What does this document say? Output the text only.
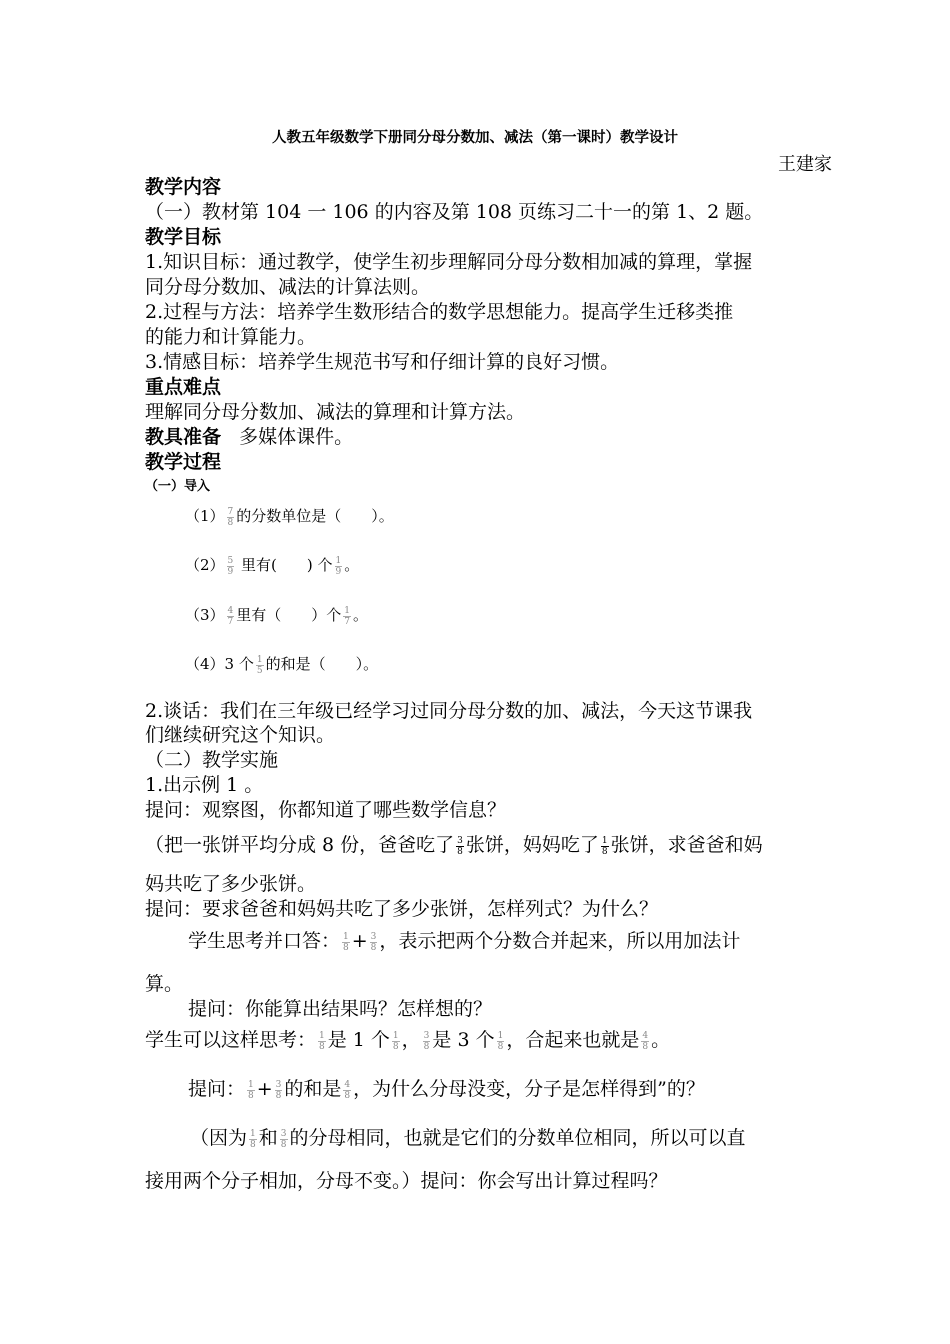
人教五年级数学下册同分母分数加、减法（第一课时）教学设计
王建家
教学内容
（一）教材第 104 一 106 的内容及第 108 页练习二十一的第 1、2 题。
教学目标
1.知识目标：通过教学，使学生初步理解同分母分数相加减的算理，掌握
同分母分数加、减法的计算法则。
2.过程与方法：培养学生数形结合的数学思想能力。提高学生迁移类推
的能力和计算能力。
3.情感目标：培养学生规范书写和仔细计算的良好习惯。
重点难点
理解同分母分数加、减法的算理和计算方法。
教具准备 多媒体课件。
教学过程
（一）导入
$(1) \frac{7}{8}$ 的分数单位是（　　）。
$(2) \frac{5}{9}$ 里有(　　) 个 $\frac{1}{9}$ 。
$(3) \frac{4}{7}$ 里有（　　）个 $\frac{1}{7}$ 。
（4）3 个 $\frac{1}{5}$ 的和是（　　）。
2.谈话：我们在三年级已经学习过同分母分数的加、减法，今天这节课我
们继续研究这个知识。
（二）教学实施
1.出示例 1 。
提问：观察图，你都知道了哪些数学信息？
（把一张饼平均分成 8 份，爸爸吃了 $\frac{3}{8}$ 张饼，妈妈吃了 $\frac{1}{8}$ 张饼，求爸爸和妈
妈共吃了多少张饼。
提问：要求爸爸和妈妈共吃了多少张饼，怎样列式？为什么？
学生思考并口答： $\frac{1}{8} + \frac{3}{8}$ ，表示把两个分数合并起来，所以用加法计
算。
提问：你能算出结果吗？怎样想的？
学生可以这样思考： $\frac{1}{8}$ 是 1 个 $\frac{1}{8}$ ， $\frac{3}{8}$ 是 3 个 $\frac{1}{8}$ ，合起来也就是 $\frac{4}{8}$ 。
提问： $\frac{1}{8} + \frac{3}{8}$ 的和是 $\frac{4}{8}$ ，为什么分母没变，分子是怎样得到”的？
（因为 $\frac{1}{8}$ 和 $\frac{3}{8}$ 的分母相同，也就是它们的分数单位相同，所以可以直
接用两个分子相加，分母不变。）提问：你会写出计算过程吗？
